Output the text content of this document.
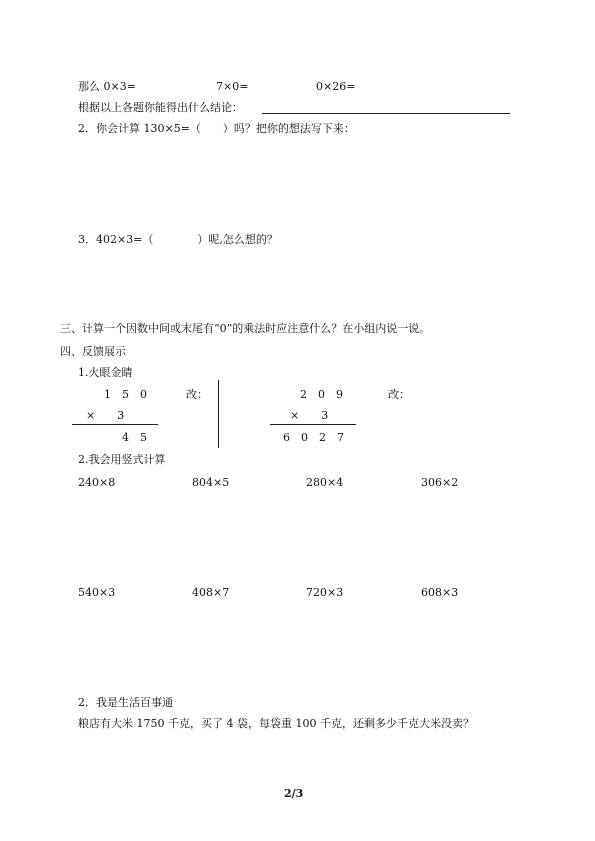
那么 0×3=	7×0=	0×26=
根据以上各题你能得出什么结论：
2．你会计算 130×5=（　　）吗？把你的想法写下来：
3．402×3=（　　　　）呢,怎么想的？
三、计算一个因数中间或末尾有“0”的乘法时应注意什么？在小组内说一说。
四、反馈展示
1.火眼金睛
1　5　0	改：
×　　3
4　5
2　0　9	改：
×　　3
6　0　2　7
2.我会用竖式计算
240×8	804×5	280×4	306×2
540×3	408×7	720×3	608×3
2．我是生活百事通
粮店有大米 1750 千克，买了 4 袋，每袋重 100 千克，还剩多少千克大米没卖？
2/3
